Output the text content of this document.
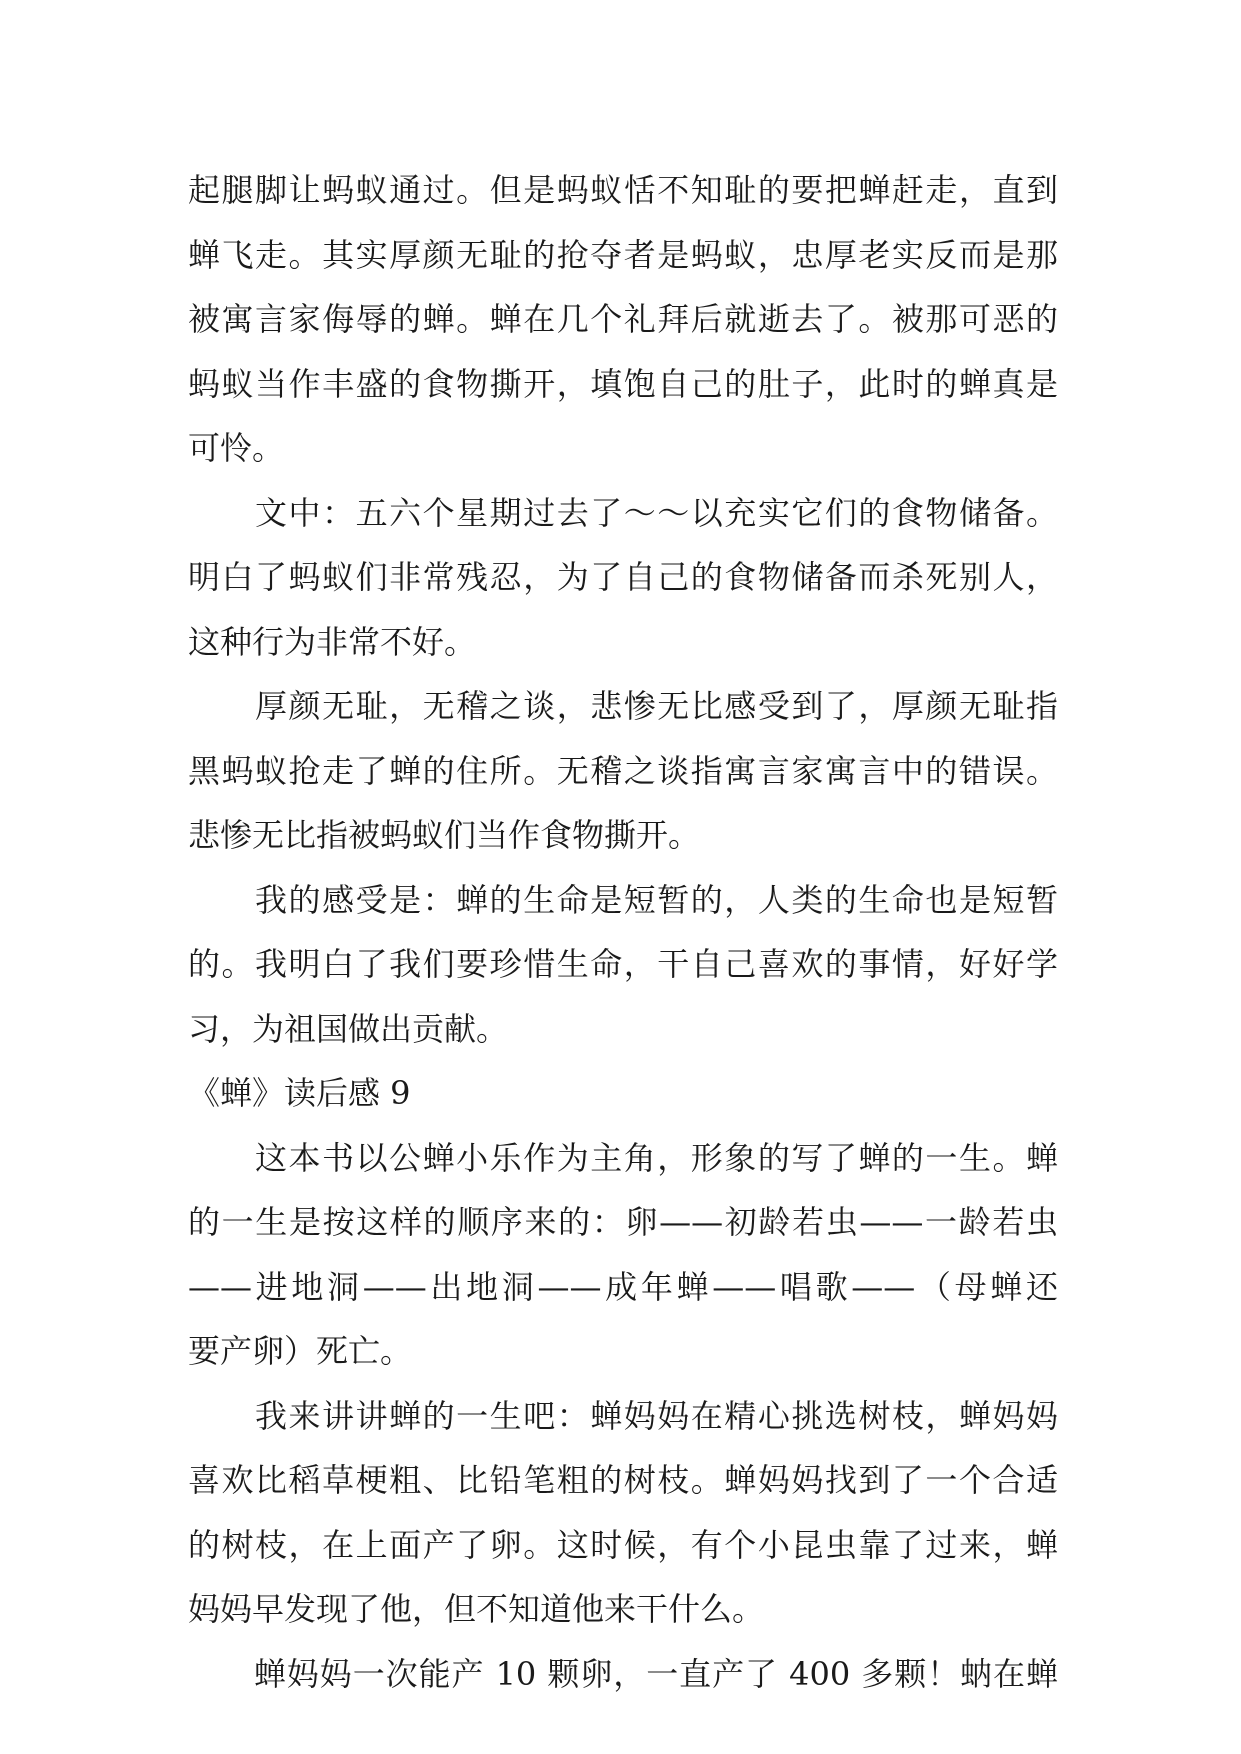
起腿脚让蚂蚁通过。但是蚂蚁恬不知耻的要把蝉赶走，直到
蝉飞走。其实厚颜无耻的抢夺者是蚂蚁，忠厚老实反而是那
被寓言家侮辱的蝉。蝉在几个礼拜后就逝去了。被那可恶的
蚂蚁当作丰盛的食物撕开，填饱自己的肚子，此时的蝉真是
可怜。
　　文中：五六个星期过去了～～以充实它们的食物储备。
明白了蚂蚁们非常残忍，为了自己的食物储备而杀死别人，
这种行为非常不好。
　　厚颜无耻，无稽之谈，悲惨无比感受到了，厚颜无耻指
黑蚂蚁抢走了蝉的住所。无稽之谈指寓言家寓言中的错误。
悲惨无比指被蚂蚁们当作食物撕开。
　　我的感受是：蝉的生命是短暂的，人类的生命也是短暂
的。我明白了我们要珍惜生命，干自己喜欢的事情，好好学
习，为祖国做出贡献。
《蝉》读后感 9
　　这本书以公蝉小乐作为主角，形象的写了蝉的一生。蝉
的一生是按这样的顺序来的：卵——初龄若虫——一龄若虫
——进地洞——出地洞——成年蝉——唱歌——（母蝉还
要产卵）死亡。
　　我来讲讲蝉的一生吧：蝉妈妈在精心挑选树枝，蝉妈妈
喜欢比稻草梗粗、比铅笔粗的树枝。蝉妈妈找到了一个合适
的树枝，在上面产了卵。这时候，有个小昆虫靠了过来，蝉
妈妈早发现了他，但不知道他来干什么。
　　蝉妈妈一次能产 10 颗卵，一直产了 400 多颗！蚋在蝉
